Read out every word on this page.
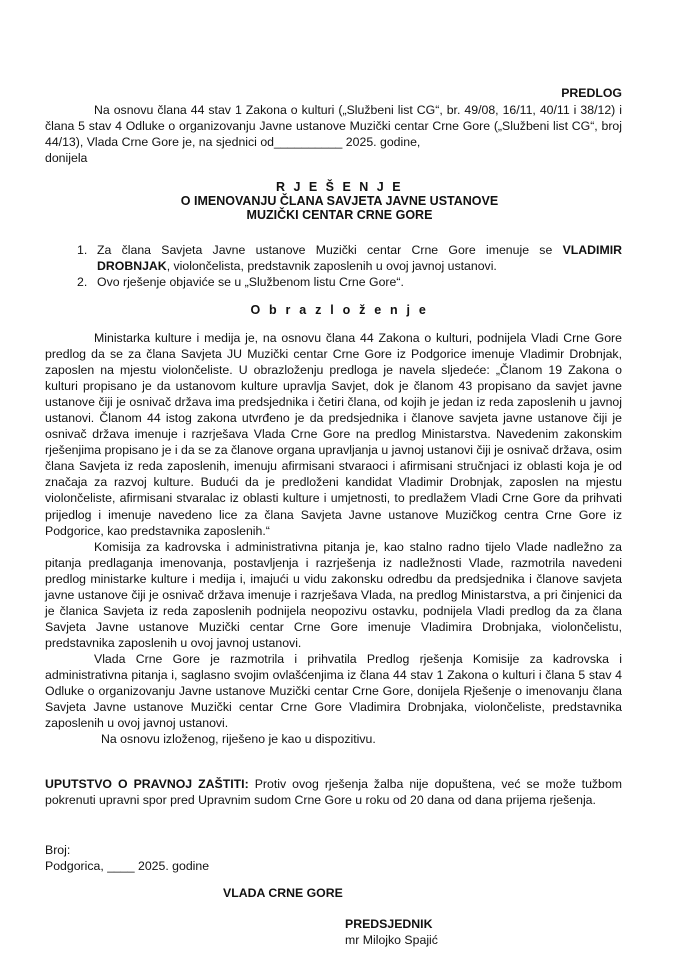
PREDLOG
Na osnovu člana 44 stav 1 Zakona o kulturi („Službeni list CG“, br. 49/08, 16/11, 40/11 i 38/12) i člana 5 stav 4 Odluke o organizovanju Javne ustanove Muzički centar Crne Gore („Službeni list CG“, broj 44/13), Vlada Crne Gore je, na sjednici od__________ 2025. godine,
donijela
R J E Š E N J E
O IMENOVANJU ČLANA SAVJETA JAVNE USTANOVE
MUZIČKI CENTAR CRNE GORE
1. Za člana Savjeta Javne ustanove Muzički centar Crne Gore imenuje se VLADIMIR DROBNJAK, violončelista, predstavnik zaposlenih u ovoj javnoj ustanovi.
2. Ovo rješenje objaviće se u „Službenom listu Crne Gore“.
O b r a z l o ž e n j e

Ministarka kulture i medija je, na osnovu člana 44 Zakona o kulturi, podnijela Vladi Crne Gore predlog da se za člana Savjeta JU Muzički centar Crne Gore iz Podgorice imenuje Vladimir Drobnjak, zaposlen na mjestu violončeliste. U obrazloženju predloga je navela sljedeće: „Članom 19 Zakona o kulturi propisano je da ustanovom kulture upravlja Savjet, dok je članom 43 propisano da savjet javne ustanove čiji je osnivač država ima predsjednika i četiri člana, od kojih je jedan iz reda zaposlenih u javnoj ustanovi. Članom 44 istog zakona utvrđeno je da predsjednika i članove savjeta javne ustanove čiji je osnivač država imenuje i razrješava Vlada Crne Gore na predlog Ministarstva. Navedenim zakonskim rješenjima propisano je i da se za članove organa upravljanja u javnoj ustanovi čiji je osnivač država, osim člana Savjeta iz reda zaposlenih, imenuju afirmisani stvaraoci i afirmisani stručnjaci iz oblasti koja je od značaja za razvoj kulture. Budući da je predloženi kandidat Vladimir Drobnjak, zaposlen na mjestu violončeliste, afirmisani stvaralac iz oblasti kulture i umjetnosti, to predlažem Vladi Crne Gore da prihvati prijedlog i imenuje navedeno lice za člana Savjeta Javne ustanove Muzičkog centra Crne Gore iz Podgorice, kao predstavnika zaposlenih.“

Komisija za kadrovska i administrativna pitanja je, kao stalno radno tijelo Vlade nadležno za pitanja predlaganja imenovanja, postavljenja i razrješenja iz nadležnosti Vlade, razmotrila navedeni predlog ministarke kulture i medija i, imajući u vidu zakonsku odredbu da predsjednika i članove savjeta javne ustanove čiji je osnivač država imenuje i razrješava Vlada, na predlog Ministarstva, a pri činjenici da je članica Savjeta iz reda zaposlenih podnijela neopozivu ostavku, podnijela Vladi predlog da za člana Savjeta Javne ustanove Muzički centar Crne Gore imenuje Vladimira Drobnjaka, violončelistu, predstavnika zaposlenih u ovoj javnoj ustanovi.

Vlada Crne Gore je razmotrila i prihvatila Predlog rješenja Komisije za kadrovska i administrativna pitanja i, saglasno svojim ovlašćenjima iz člana 44 stav 1 Zakona o kulturi i člana 5 stav 4 Odluke o organizovanju Javne ustanove Muzički centar Crne Gore, donijela Rješenje o imenovanju člana Savjeta Javne ustanove Muzički centar Crne Gore Vladimira Drobnjaka, violončeliste, predstavnika zaposlenih u ovoj javnoj ustanovi.

Na osnovu izloženog, riješeno je kao u dispozitivu.

UPUTSTVO O PRAVNOJ ZAŠTITI: Protiv ovog rješenja žalba nije dopuštena, već se može tužbom pokrenuti upravni spor pred Upravnim sudom Crne Gore u roku od 20 dana od dana prijema rješenja.
Broj:
Podgorica, ____ 2025. godine
VLADA CRNE GORE
PREDSJEDNIK
mr Milojko Spajić
